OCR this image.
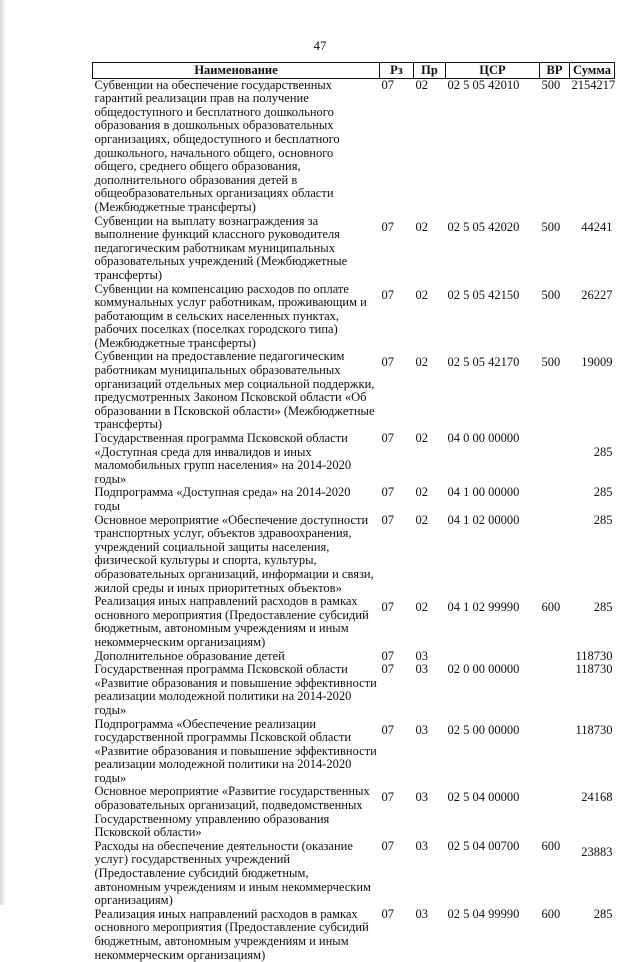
47
Наименование	Рз	Пр	ЦСР	ВР	Сумма
Субвенции на обеспечение государственных гарантий реализации прав на получение общедоступного и бесплатного дошкольного образования в дошкольных образовательных организациях, общедоступного и бесплатного дошкольного, начального общего, основного общего, среднего общего образования, дополнительного образования детей в общеобразовательных организациях области (Межбюджетные трансферты)	07	02	02 5 05 42010	500	2154217
Субвенции на выплату вознаграждения за выполнение функций классного руководителя педагогическим работникам муниципальных образовательных учреждений (Межбюджетные трансферты)	07	02	02 5 05 42020	500	44241
Субвенции на компенсацию расходов по оплате коммунальных услуг работникам, проживающим и работающим в сельских населенных пунктах, рабочих поселках (поселках городского типа) (Межбюджетные трансферты)	07	02	02 5 05 42150	500	26227
Субвенции на предоставление педагогическим работникам муниципальных образовательных организаций отдельных мер социальной поддержки, предусмотренных Законом Псковской области «Об образовании в Псковской области» (Межбюджетные трансферты)	07	02	02 5 05 42170	500	19009
Государственная программа Псковской области «Доступная среда для инвалидов и иных маломобильных групп населения» на 2014-2020 годы»	07	02	04 0 00 00000		285
Подпрограмма «Доступная среда» на 2014-2020 годы	07	02	04 1 00 00000		285
Основное мероприятие «Обеспечение доступности транспортных услуг, объектов здравоохранения, учреждений социальной защиты населения, физической культуры и спорта, культуры, образовательных организаций, информации и связи, жилой среды и иных приоритетных объектов»	07	02	04 1 02 00000		285
Реализация иных направлений расходов в рамках основного мероприятия (Предоставление субсидий бюджетным, автономным учреждениям и иным некоммерческим организациям)	07	02	04 1 02 99990	600	285
Дополнительное образование детей	07	03			118730
Государственная программа Псковской области «Развитие образования и повышение эффективности реализации молодежной политики на 2014-2020 годы»	07	03	02 0 00 00000		118730
Подпрограмма «Обеспечение реализации государственной программы Псковской области «Развитие образования и повышение эффективности реализации молодежной политики на 2014-2020 годы»	07	03	02 5 00 00000		118730
Основное мероприятие «Развитие государственных образовательных организаций, подведомственных Государственному управлению образования Псковской области»	07	03	02 5 04 00000		24168
Расходы на обеспечение деятельности (оказание услуг) государственных учреждений (Предоставление субсидий бюджетным, автономным учреждениям и иным некоммерческим организациям)	07	03	02 5 04 00700	600	23883
Реализация иных направлений расходов в рамках основного мероприятия (Предоставление субсидий бюджетным, автономным учреждениям и иным некоммерческим организациям)	07	03	02 5 04 99990	600	285
